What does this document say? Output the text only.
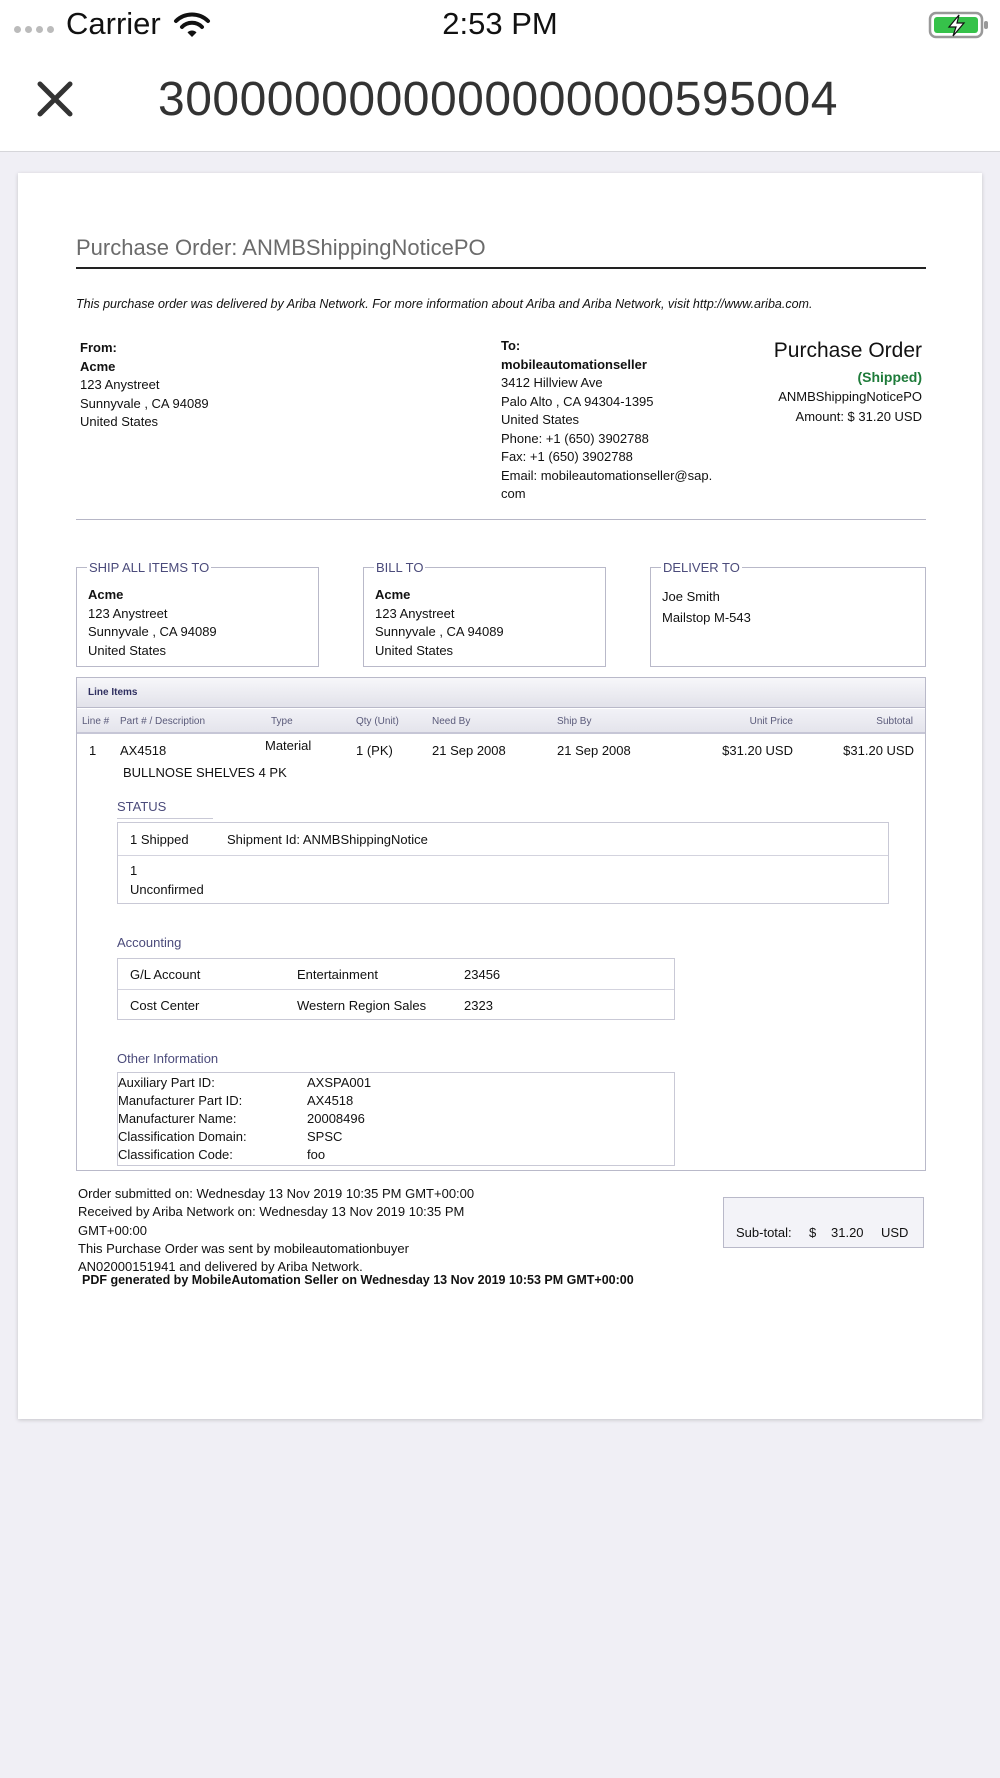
Carrier	2:53 PM
3000000000000000000595004
Purchase Order: ANMBShippingNoticePO
This purchase order was delivered by Ariba Network. For more information about Ariba and Ariba Network, visit http://www.ariba.com.
From:
Acme
123 Anystreet
Sunnyvale , CA 94089
United States
To:
mobileautomationseller
3412 Hillview Ave
Palo Alto , CA 94304-1395
United States
Phone: +1 (650) 3902788
Fax: +1 (650) 3902788
Email: mobileautomationseller@sap.
com
Purchase Order
(Shipped)
ANMBShippingNoticePO
Amount: $ 31.20 USD
SHIP ALL ITEMS TO
Acme
123 Anystreet
Sunnyvale , CA 94089
United States
BILL TO
Acme
123 Anystreet
Sunnyvale , CA 94089
United States
DELIVER TO
Joe Smith
Mailstop M-543
Line Items
Line # Part # / Description	Type	Qty (Unit)	Need By	Ship By	Unit Price	Subtotal
1 AX4518	Material	1 (PK)	21 Sep 2008	21 Sep 2008	$31.20 USD	$31.20 USD
BULLNOSE SHELVES 4 PK
STATUS
1 Shipped	Shipment Id: ANMBShippingNotice
1
Unconfirmed
Accounting
G/L Account	Entertainment	23456
Cost Center	Western Region Sales	2323
Other Information
Auxiliary Part ID:	AXSPA001
Manufacturer Part ID:	AX4518
Manufacturer Name:	20008496
Classification Domain:	SPSC
Classification Code:	foo
Order submitted on: Wednesday 13 Nov 2019 10:35 PM GMT+00:00
Received by Ariba Network on: Wednesday 13 Nov 2019 10:35 PM
GMT+00:00
This Purchase Order was sent by mobileautomationbuyer
AN02000151941 and delivered by Ariba Network.
Sub-total: $ 31.20 USD
PDF generated by MobileAutomation Seller on Wednesday 13 Nov 2019 10:53 PM GMT+00:00
